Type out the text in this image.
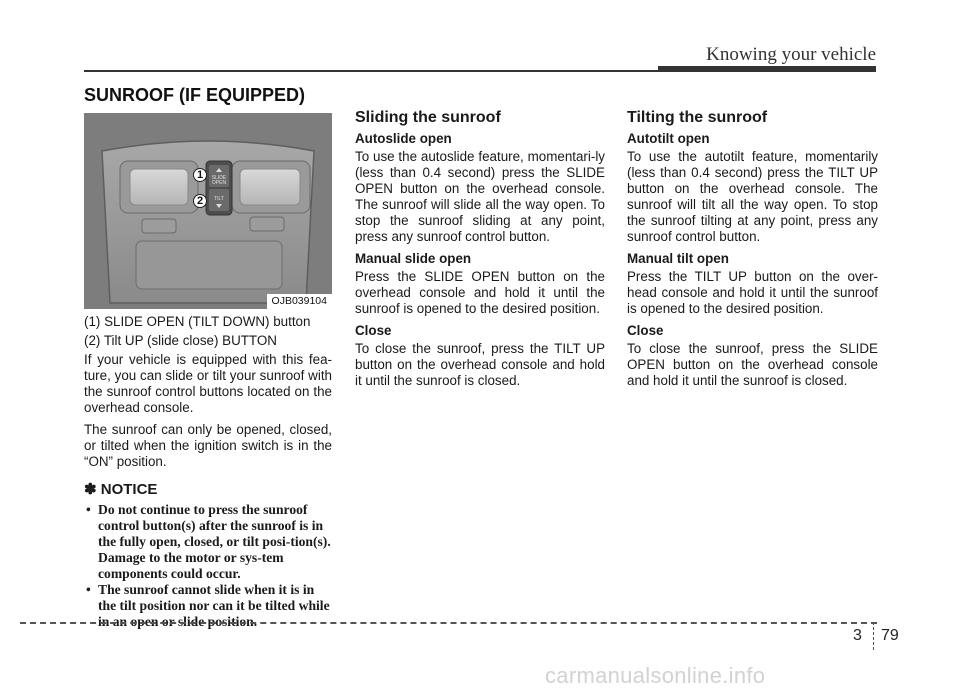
Knowing your vehicle
SUNROOF (IF EQUIPPED)
1
2
SLIDE OPEN
TILT
OJB039104

(1) SLIDE OPEN (TILT DOWN) button

(2) Tilt UP (slide close) BUTTON

If your vehicle is equipped with this fea-ture, you can slide or tilt your sunroof with the sunroof control buttons located on the overhead console.

The sunroof can only be opened, closed, or tilted when the ignition switch is in the “ON” position.

✽ NOTICE
• Do not continue to press the sunroof control button(s) after the sunroof is in the fully open, closed, or tilt posi-tion(s). Damage to the motor or sys-tem components could occur.
• The sunroof cannot slide when it is in the tilt position nor can it be tilted while in an open or slide position.
Sliding the sunroof
Autoslide open

To use the autoslide feature, momentari-ly (less than 0.4 second) press the SLIDE OPEN button on the overhead console. The sunroof will slide all the way open. To stop the sunroof sliding at any point, press any sunroof control button.

Manual slide open

Press the SLIDE OPEN button on the overhead console and hold it until the sunroof is opened to the desired position.

Close

To close the sunroof, press the TILT UP button on the overhead console and hold it until the sunroof is closed.

Tilting the sunroof
Autotilt open

To use the autotilt feature, momentarily (less than 0.4 second) press the TILT UP button on the overhead console. The sunroof will tilt all the way open. To stop the sunroof tilting at any point, press any sunroof control button.

Manual tilt open

Press the TILT UP button on the over-head console and hold it until the sunroof is opened to the desired position.

Close

To close the sunroof, press the SLIDE OPEN button on the overhead console and hold it until the sunroof is closed.

3 79
carmanualsonline.info
